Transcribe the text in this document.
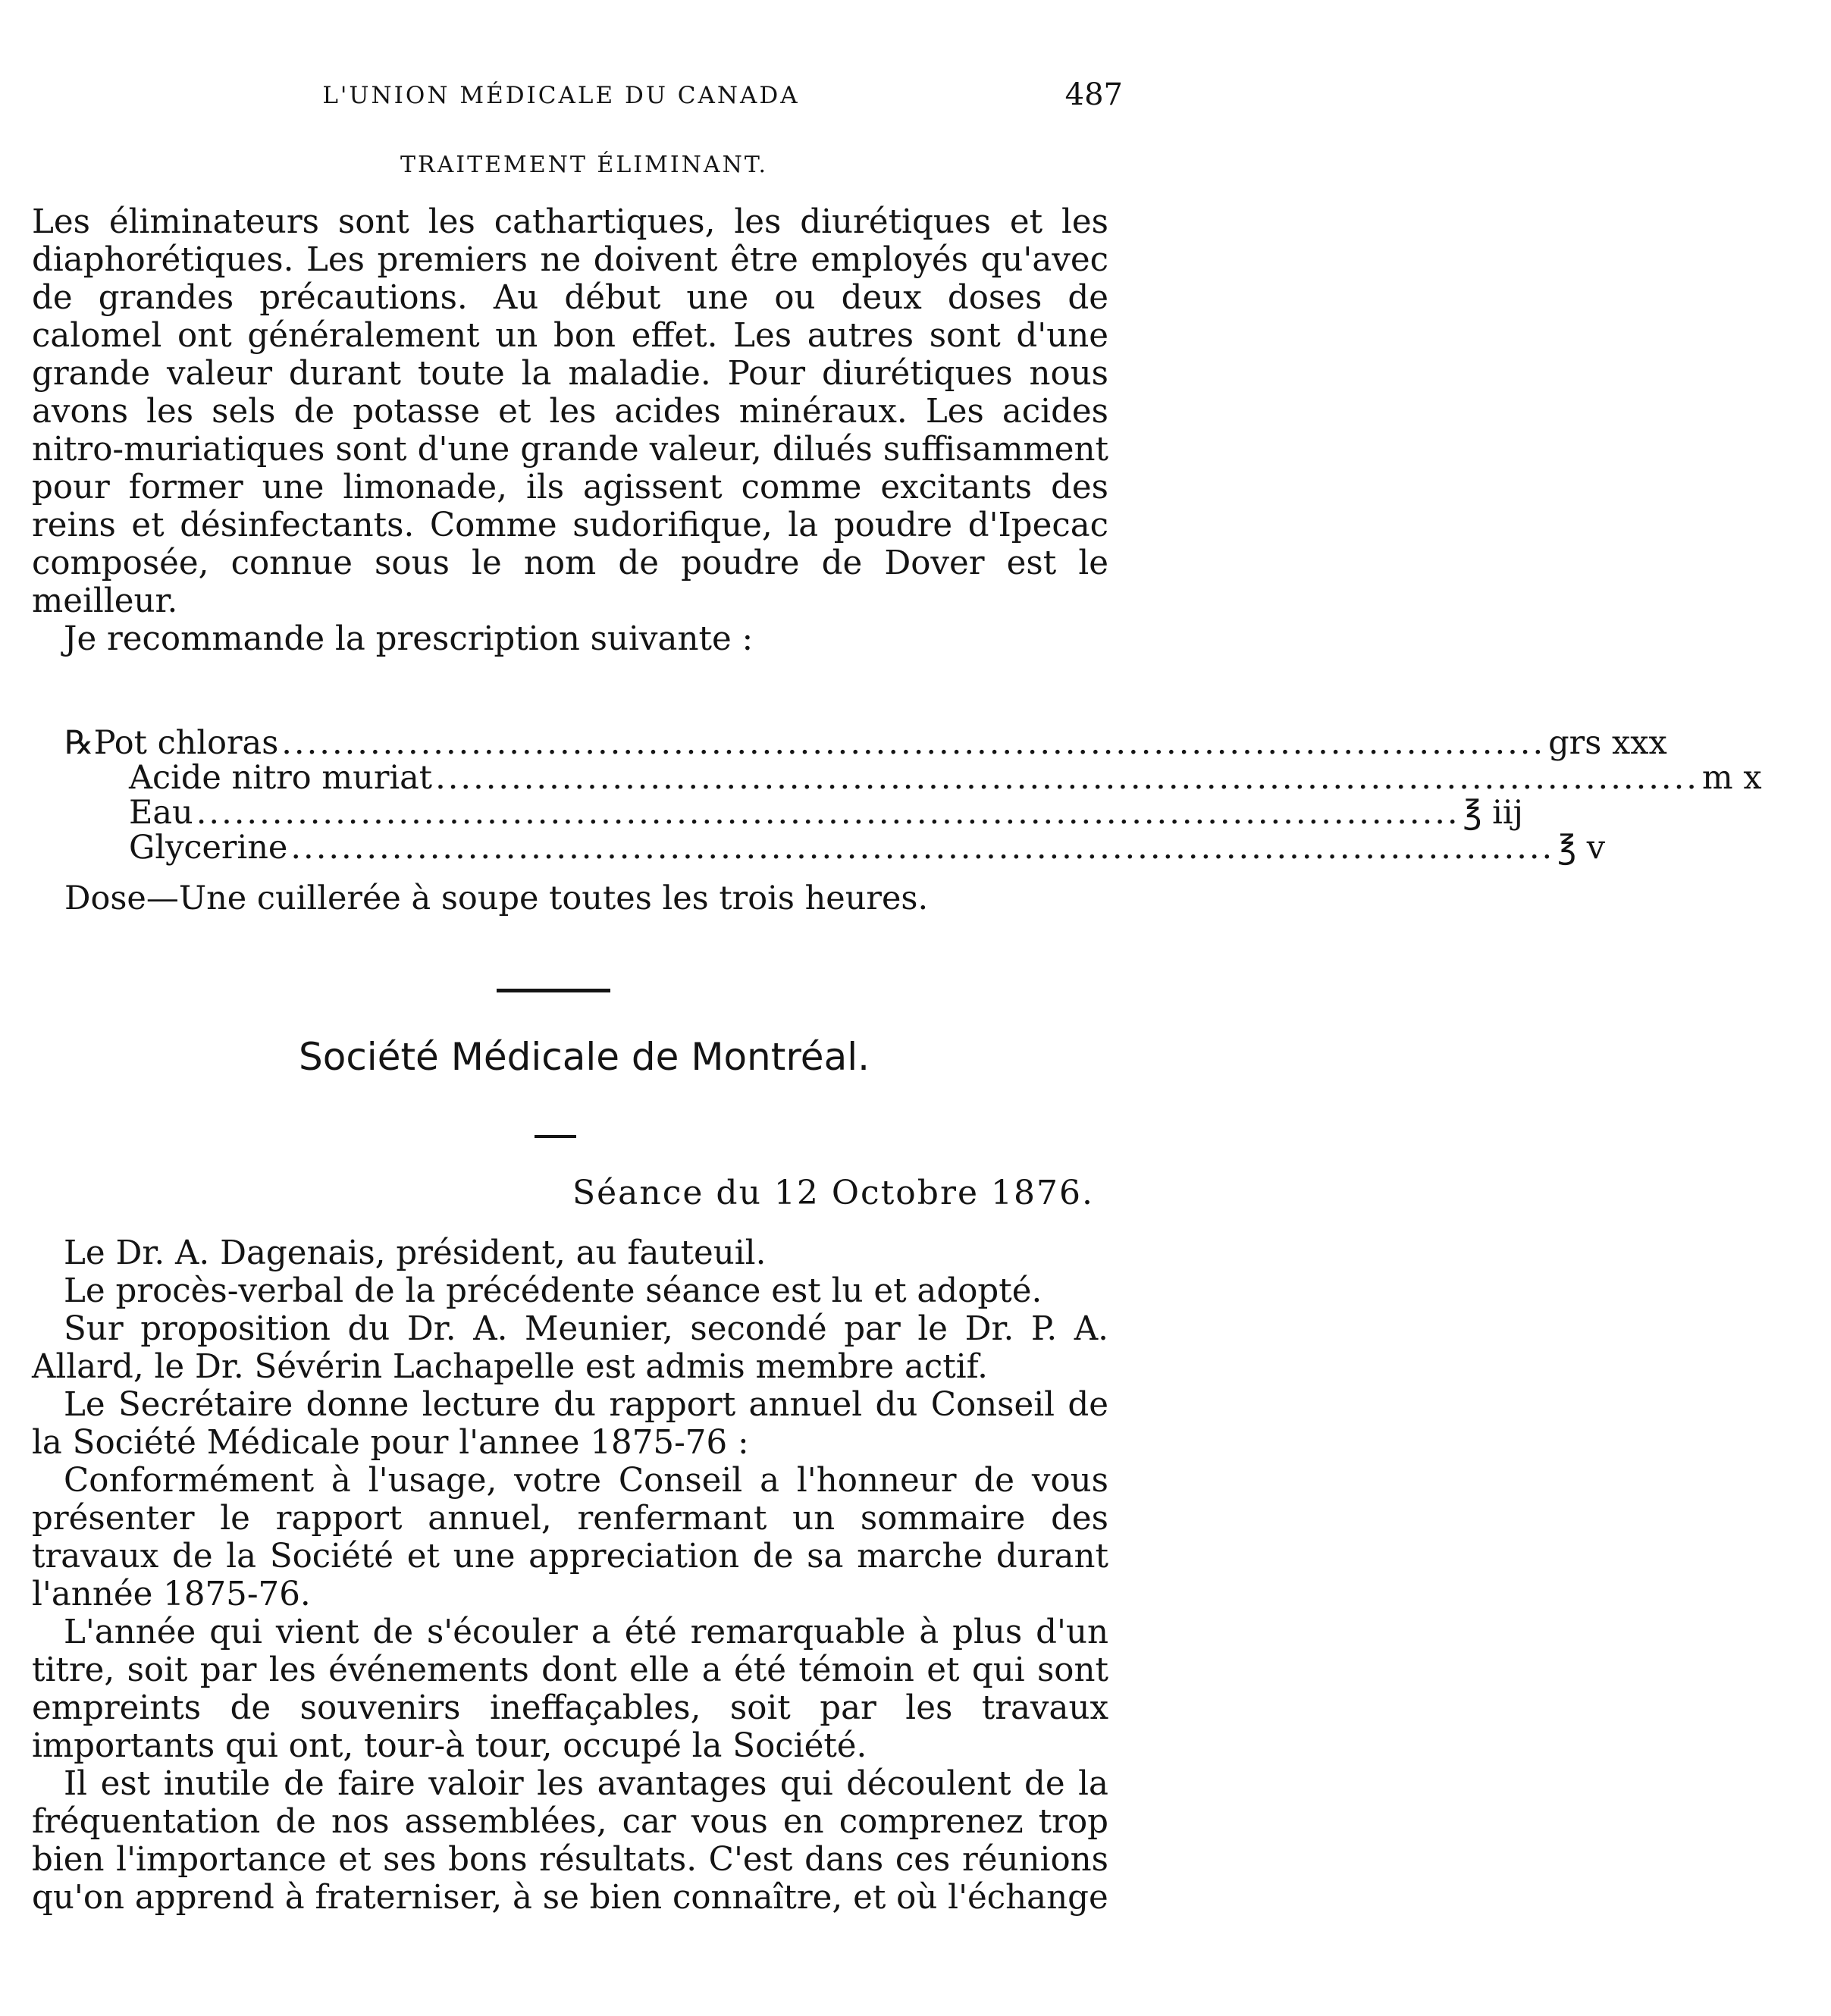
L'UNION MÉDICALE DU CANADA	487
TRAITEMENT ÉLIMINANT.

Les éliminateurs sont les cathartiques, les diurétiques et les diaphorétiques. Les premiers ne doivent être employés qu'avec de grandes précautions. Au début une ou deux doses de calomel ont généralement un bon effet. Les autres sont d'une grande valeur durant toute la maladie. Pour diurétiques nous avons les sels de potasse et les acides minéraux. Les acides nitro-muriatiques sont d'une grande valeur, dilués suffisamment pour former une limonade, ils agissent comme excitants des reins et désinfectants. Comme sudorifique, la poudre d'Ipecac composée, connue sous le nom de poudre de Dover est le meilleur.

Je recommande la prescription suivante :

℞ Pot chloras .................................................................................................... grs xxx
Acide nitro muriat .................................................................................................... m x
Eau .................................................................................................... ℥ iij
Glycerine .................................................................................................... ℥ v
Dose—Une cuillerée à soupe toutes les trois heures.
Société Médicale de Montréal.
Séance du 12 Octobre 1876.

Le Dr. A. Dagenais, président, au fauteuil.

Le procès-verbal de la précédente séance est lu et adopté.

Sur proposition du Dr. A. Meunier, secondé par le Dr. P. A. Allard, le Dr. Sévérin Lachapelle est admis membre actif.

Le Secrétaire donne lecture du rapport annuel du Conseil de la Société Médicale pour l'annee 1875-76 :

Conformément à l'usage, votre Conseil a l'honneur de vous présenter le rapport annuel, renfermant un sommaire des travaux de la Société et une appreciation de sa marche durant l'année 1875-76.

L'année qui vient de s'écouler a été remarquable à plus d'un titre, soit par les événements dont elle a été témoin et qui sont empreints de souvenirs ineffaçables, soit par les travaux importants qui ont, tour-à tour, occupé la Société.

Il est inutile de faire valoir les avantages qui découlent de la fréquentation de nos assemblées, car vous en comprenez trop bien l'importance et ses bons résultats. C'est dans ces réunions qu'on apprend à fraterniser, à se bien connaître, et où l'échange
